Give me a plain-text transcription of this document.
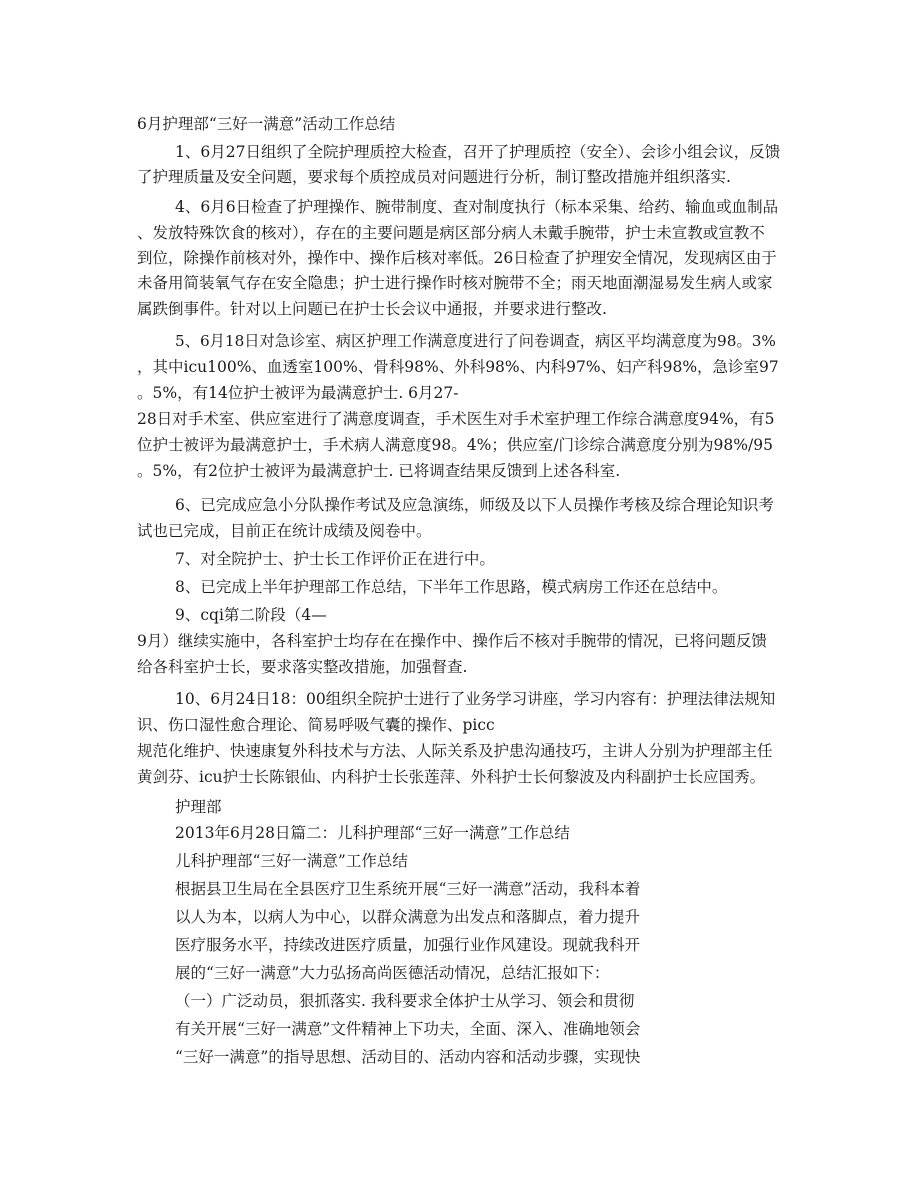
6月护理部“三好一满意”活动工作总结
1、6月27日组织了全院护理质控大检查，召开了护理质控（安全）、会诊小组会议，反馈
了护理质量及安全问题，要求每个质控成员对问题进行分析，制订整改措施并组织落实.
4、6月6日检查了护理操作、腕带制度、查对制度执行（标本采集、给药、输血或血制品
、发放特殊饮食的核对），存在的主要问题是病区部分病人未戴手腕带，护士未宣教或宣教不
到位，除操作前核对外，操作中、操作后核对率低。26日检查了护理安全情况，发现病区由于
未备用简装氧气存在安全隐患；护士进行操作时核对腕带不全；雨天地面潮湿易发生病人或家
属跌倒事件。针对以上问题已在护士长会议中通报，并要求进行整改.
5、6月18日对急诊室、病区护理工作满意度进行了问卷调查，病区平均满意度为98。3%
，其中icu100%、血透室100%、骨科98%、外科98%、内科97%、妇产科98%，急诊室97
。5%，有14位护士被评为最满意护士. 6月27-
28日对手术室、供应室进行了满意度调查，手术医生对手术室护理工作综合满意度94%，有5
位护士被评为最满意护士，手术病人满意度98。4%；供应室/门诊综合满意度分别为98%/95
。5%，有2位护士被评为最满意护士. 已将调查结果反馈到上述各科室.
6、已完成应急小分队操作考试及应急演练，师级及以下人员操作考核及综合理论知识考
试也已完成，目前正在统计成绩及阅卷中。
7、对全院护士、护士长工作评价正在进行中。
8、已完成上半年护理部工作总结，下半年工作思路，模式病房工作还在总结中。
9、cqi第二阶段（4—
9月）继续实施中，各科室护士均存在在操作中、操作后不核对手腕带的情况，已将问题反馈
给各科室护士长，要求落实整改措施，加强督查.
10、6月24日18：00组织全院护士进行了业务学习讲座，学习内容有：护理法律法规知
识、伤口湿性愈合理论、简易呼吸气囊的操作、picc
规范化维护、快速康复外科技术与方法、人际关系及护患沟通技巧，主讲人分别为护理部主任
黄剑芬、icu护士长陈银仙、内科护士长张莲萍、外科护士长何黎波及内科副护士长应国秀。
护理部
2013年6月28日篇二：儿科护理部“三好一满意”工作总结
儿科护理部“三好一满意”工作总结
根据县卫生局在全县医疗卫生系统开展“三好一满意”活动，我科本着
以人为本，以病人为中心，以群众满意为出发点和落脚点，着力提升
医疗服务水平，持续改进医疗质量，加强行业作风建设。现就我科开
展的“三好一满意”大力弘扬高尚医德活动情况，总结汇报如下：
（一）广泛动员，狠抓落实. 我科要求全体护士从学习、领会和贯彻
有关开展“三好一满意”文件精神上下功夫，全面、深入、准确地领会
“三好一满意”的指导思想、活动目的、活动内容和活动步骤，实现快
